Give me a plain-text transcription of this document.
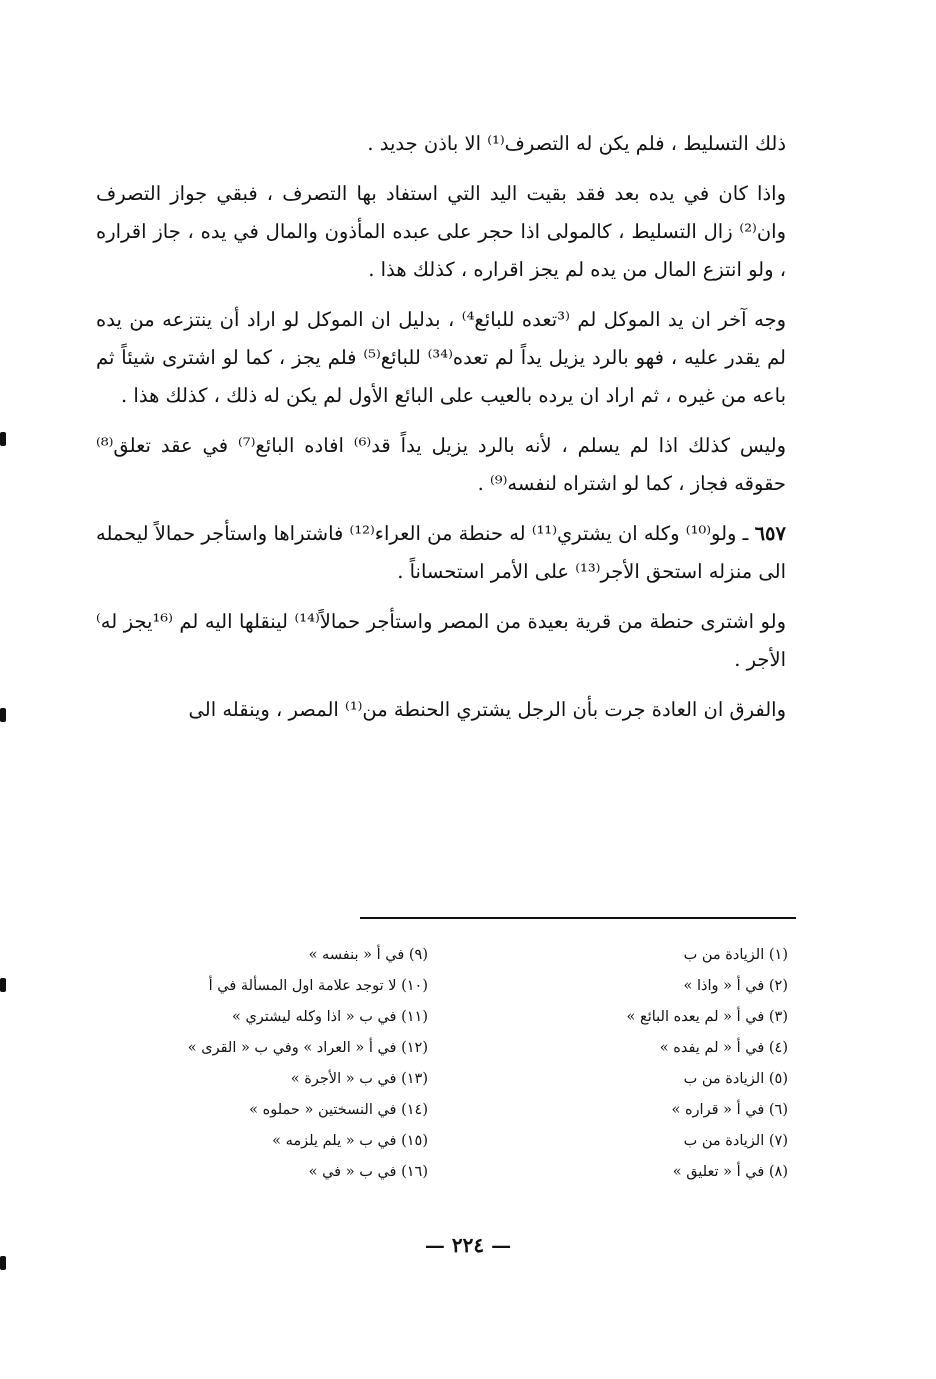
ذلك التسليط ، فلم يكن له التصرف⁽¹⁾ الا باذن جديد .

واذا كان في يده بعد فقد بقيت اليد التي استفاد بها التصرف ، فبقي جواز التصرف وان⁽²⁾ زال التسليط ، كالمولى اذا حجر على عبده المأذون والمال في يده ، جاز اقراره ، ولو انتزع المال من يده لم يجز اقراره ، كذلك هذا .

وجه آخر ان يد الموكل لم ⁽³تعده للبائع⁴⁾ ، بدليل ان الموكل لو اراد أن ينتزعه من يده لم يقدر عليه ، فهو بالرد يزيل يداً لم تعده⁽³⁴⁾ للبائع⁽⁵⁾ فلم يجز ، كما لو اشترى شيئاً ثم باعه من غيره ، ثم اراد ان يرده بالعيب على البائع الأول لم يكن له ذلك ، كذلك هذا .

وليس كذلك اذا لم يسلم ، لأنه بالرد يزيل يداً قد⁽⁶⁾ افاده البائع⁽⁷⁾ في عقد تعلق⁽⁸⁾ حقوقه فجاز ، كما لو اشتراه لنفسه⁽⁹⁾ .

٦٥٧ ـ ولو⁽¹⁰⁾ وكله ان يشتري⁽¹¹⁾ له حنطة من العراء⁽¹²⁾ فاشتراها واستأجر حمالاً ليحمله الى منزله استحق الأجر⁽¹³⁾ على الأمر استحساناً .

ولو اشترى حنطة من قرية بعيدة من المصر واستأجر حمالاً⁽¹⁴⁾ لينقلها اليه لم ⁽¹⁶يجز له⁾ الأجر .

والفرق ان العادة جرت بأن الرجل يشتري الحنطة من⁽¹⁾ المصر ، وينقله الى

(١) الزيادة من ب
(٢) في أ « واذا »
(٣) في أ « لم يعده البائع »
(٤) في أ « لم يفده »
(٥) الزيادة من ب
(٦) في أ « قراره »
(٧) الزيادة من ب
(٨) في أ « تعليق »
(٩) في أ « بنفسه »
(١٠) لا توجد علامة اول المسألة في أ
(١١) في ب « اذا وكله ليشتري »
(١٢) في أ « العراد » وفي ب « القرى »
(١٣) في ب « الأجرة »
(١٤) في النسختين « حملوه »
(١٥) في ب « يلم يلزمه »
(١٦) في ب « في »
— ٢٢٤ —
